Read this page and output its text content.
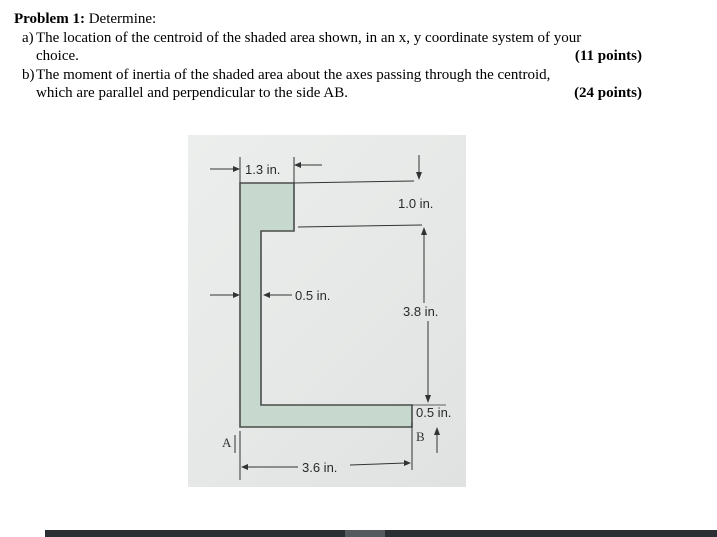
Problem 1: Determine:
a) The location of the centroid of the shaded area shown, in an x, y coordinate system of your
choice.	(11 points)
b) The moment of inertia of the shaded area about the axes passing through the centroid,
which are parallel and perpendicular to the side AB.	(24 points)
1.3 in.
1.0 in.
0.5 in.
3.8 in.
0.5 in.
B
A
3.6 in.
